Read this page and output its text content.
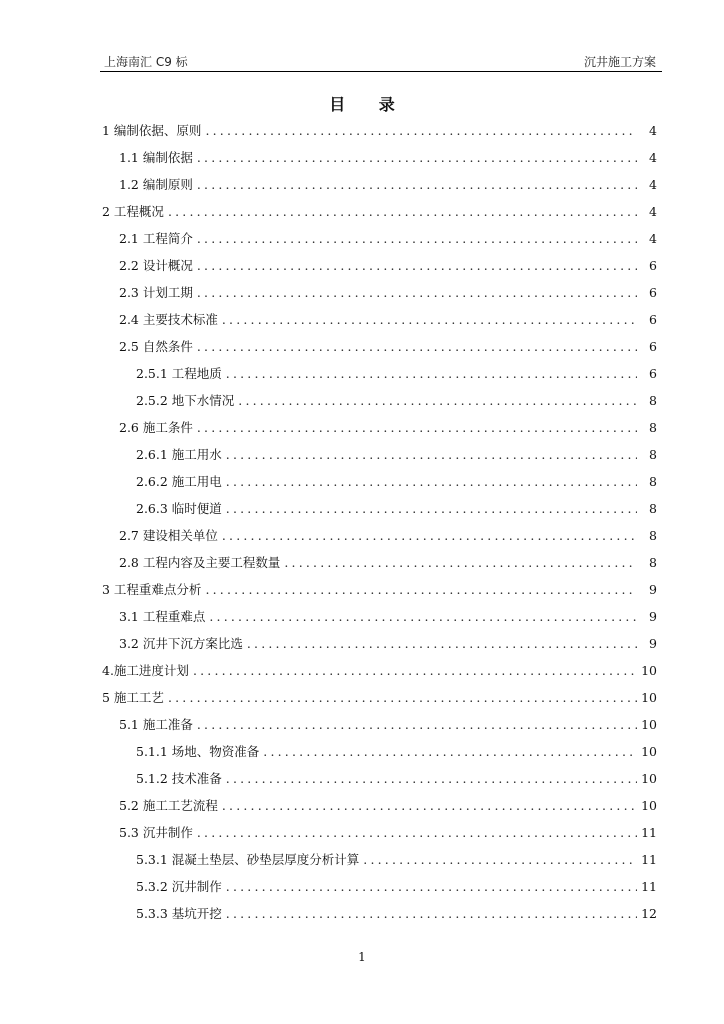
上海南汇 C9 标	沉井施工方案
目 录
1 编制依据、原则 .....	4
1.1 编制依据 .....	4
1.2 编制原则 .....	4
2 工程概况 .....	4
2.1 工程简介 .....	4
2.2 设计概况 .....	6
2.3 计划工期 .....	6
2.4 主要技术标准 .....	6
2.5 自然条件 .....	6
2.5.1 工程地质 .....	6
2.5.2 地下水情况 .....	8
2.6 施工条件 .....	8
2.6.1 施工用水 .....	8
2.6.2 施工用电 .....	8
2.6.3 临时便道 .....	8
2.7 建设相关单位 .....	8
2.8 工程内容及主要工程数量 .....	8
3 工程重难点分析 .....	9
3.1 工程重难点 .....	9
3.2 沉井下沉方案比选 .....	9
4.施工进度计划 .....	10
5 施工工艺 .....	10
5.1 施工准备 .....	10
5.1.1 场地、物资准备 .....	10
5.1.2 技术准备 .....	10
5.2 施工工艺流程 .....	10
5.3 沉井制作 .....	11
5.3.1 混凝土垫层、砂垫层厚度分析计算 .....	11
5.3.2 沉井制作 .....	11
5.3.3 基坑开挖 .....	12
1
